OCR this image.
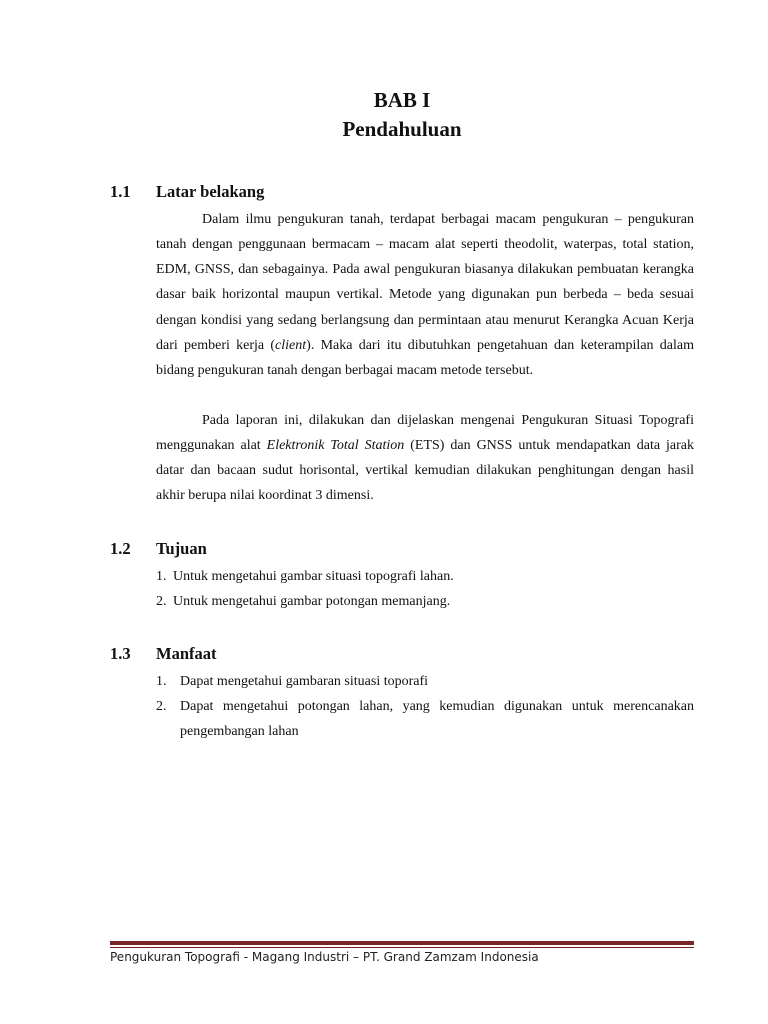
BAB I
Pendahuluan
1.1 Latar belakang

Dalam ilmu pengukuran tanah, terdapat berbagai macam pengukuran – pengukuran tanah dengan penggunaan bermacam – macam alat seperti theodolit, waterpas, total station, EDM, GNSS, dan sebagainya. Pada awal pengukuran biasanya dilakukan pembuatan kerangka dasar baik horizontal maupun vertikal. Metode yang digunakan pun berbeda – beda sesuai dengan kondisi yang sedang berlangsung dan permintaan atau menurut Kerangka Acuan Kerja dari pemberi kerja (client). Maka dari itu dibutuhkan pengetahuan dan keterampilan dalam bidang pengukuran tanah dengan berbagai macam metode tersebut.

Pada laporan ini, dilakukan dan dijelaskan mengenai Pengukuran Situasi Topografi menggunakan alat Elektronik Total Station (ETS) dan GNSS untuk mendapatkan data jarak datar dan bacaan sudut horisontal, vertikal kemudian dilakukan penghitungan dengan hasil akhir berupa nilai koordinat 3 dimensi.

1.2 Tujuan
1. Untuk mengetahui gambar situasi topografi lahan.
2. Untuk mengetahui gambar potongan memanjang.
1.3 Manfaat
1. Dapat mengetahui gambaran situasi toporafi
2. Dapat mengetahui potongan lahan, yang kemudian digunakan untuk merencanakan pengembangan lahan
Pengukuran Topografi - Magang Industri – PT. Grand Zamzam Indonesia
